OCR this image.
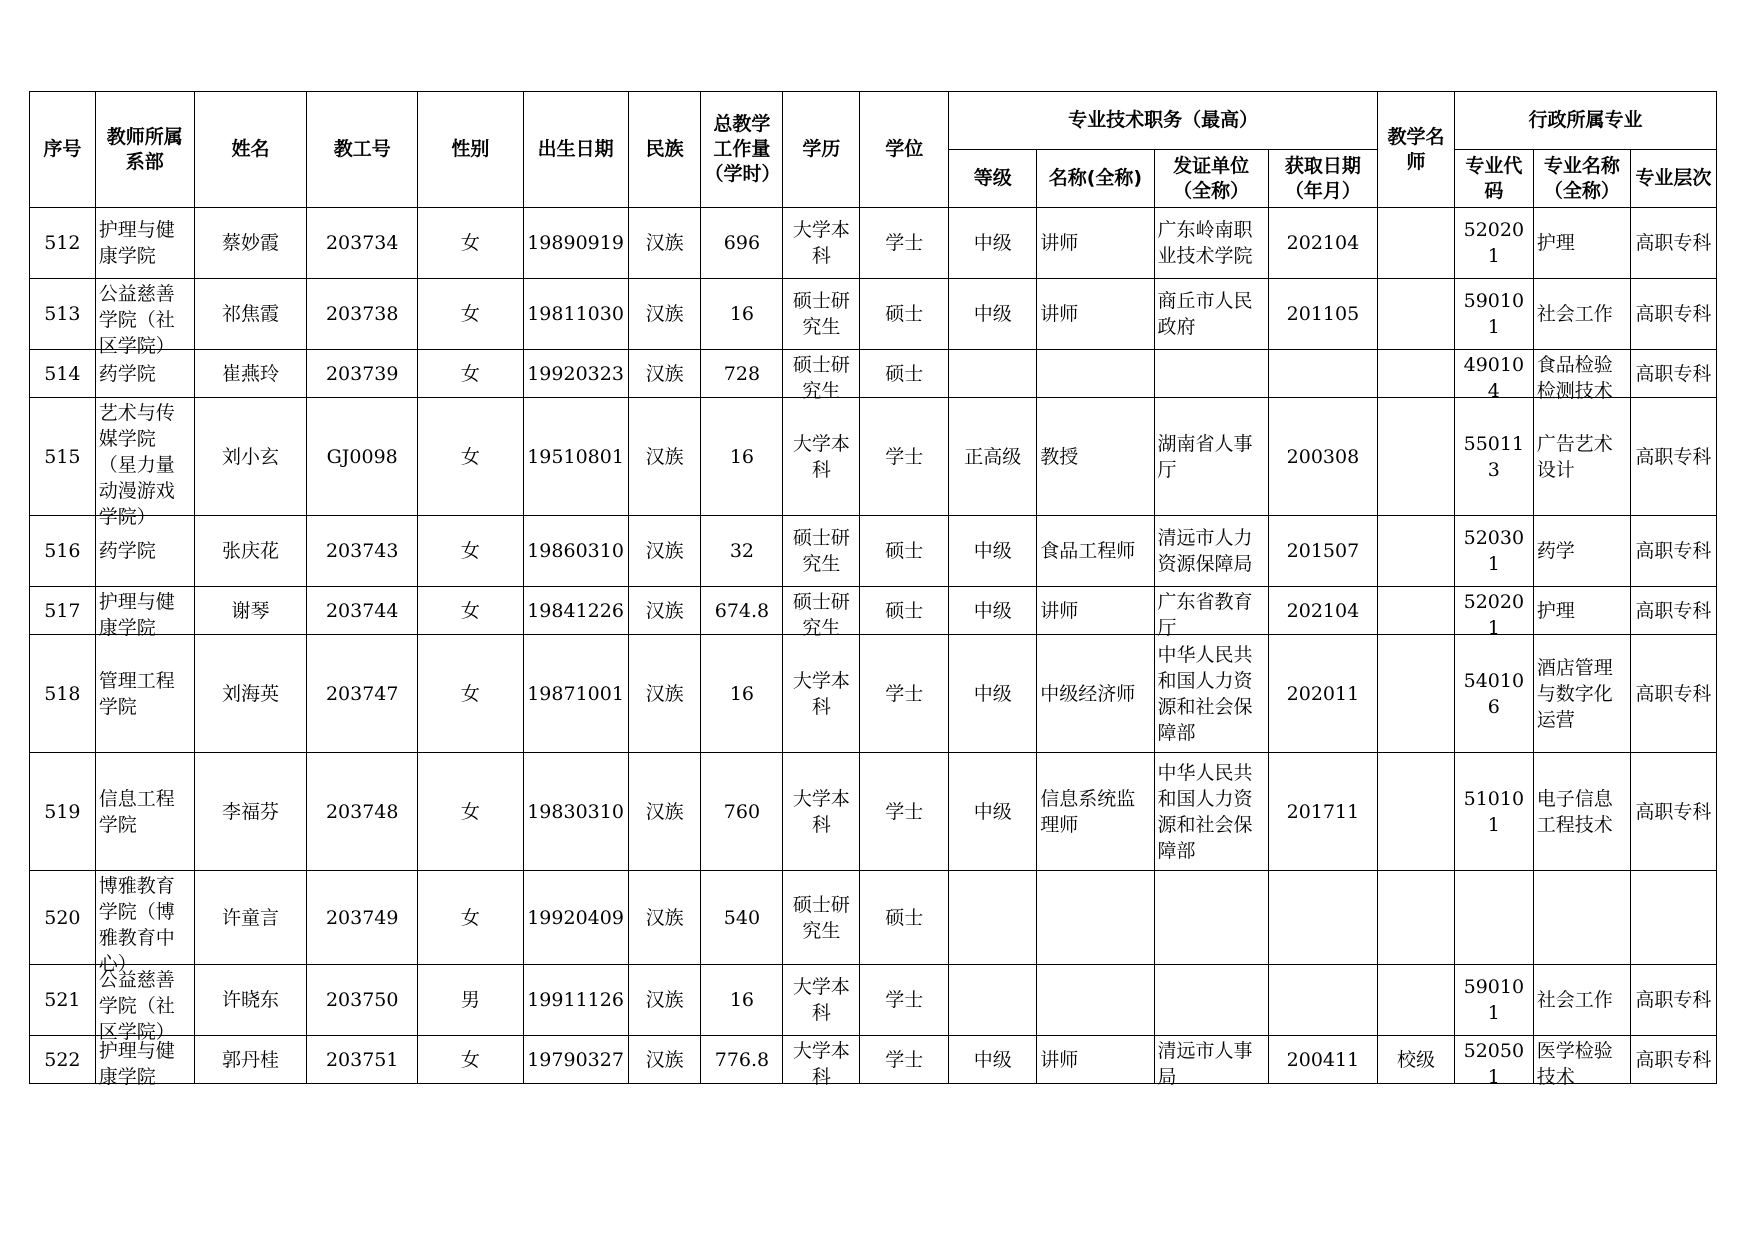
序号	教师所属系部	姓名	教工号	性别	出生日期	民族	总教学工作量（学时）	学历	学位	专业技术职务（最高）				教学名师	行政所属专业		
										等级	名称(全称)	发证单位（全称）	获取日期（年月）		专业代码	专业名称（全称）	专业层次

512	护理与健康学院	蔡妙霞	203734	女	19890919	汉族	696	大学本科	学士	中级	讲师	广东岭南职业技术学院	202104		520201	护理	高职专科

513	公益慈善学院（社区学院）	祁焦霞	203738	女	19811030	汉族	16	硕士研究生	硕士	中级	讲师	商丘市人民政府	201105		590101	社会工作	高职专科

514	药学院	崔燕玲	203739	女	19920323	汉族	728	硕士研究生	硕士						490104	食品检验检测技术	高职专科

515	艺术与传媒学院（星力量动漫游戏学院）	刘小玄	GJ0098	女	19510801	汉族	16	大学本科	学士	正高级	教授	湖南省人事厅	200308		550113	广告艺术设计	高职专科

516	药学院	张庆花	203743	女	19860310	汉族	32	硕士研究生	硕士	中级	食品工程师	清远市人力资源保障局	201507		520301	药学	高职专科

517	护理与健康学院	谢琴	203744	女	19841226	汉族	674.8	硕士研究生	硕士	中级	讲师	广东省教育厅	202104		520201	护理	高职专科

518	管理工程学院	刘海英	203747	女	19871001	汉族	16	大学本科	学士	中级	中级经济师	中华人民共和国人力资源和社会保障部	202011		540106	酒店管理与数字化运营	高职专科

519	信息工程学院	李福芬	203748	女	19830310	汉族	760	大学本科	学士	中级	信息系统监理师	中华人民共和国人力资源和社会保障部	201711		510101	电子信息工程技术	高职专科

520	博雅教育学院（博雅教育中心）	许童言	203749	女	19920409	汉族	540	硕士研究生	硕士								

521	公益慈善学院（社区学院）	许晓东	203750	男	19911126	汉族	16	大学本科	学士						590101	社会工作	高职专科

522	护理与健康学院	郭丹桂	203751	女	19790327	汉族	776.8	大学本科	学士	中级	讲师	清远市人事局	200411	校级	520501	医学检验技术	高职专科
